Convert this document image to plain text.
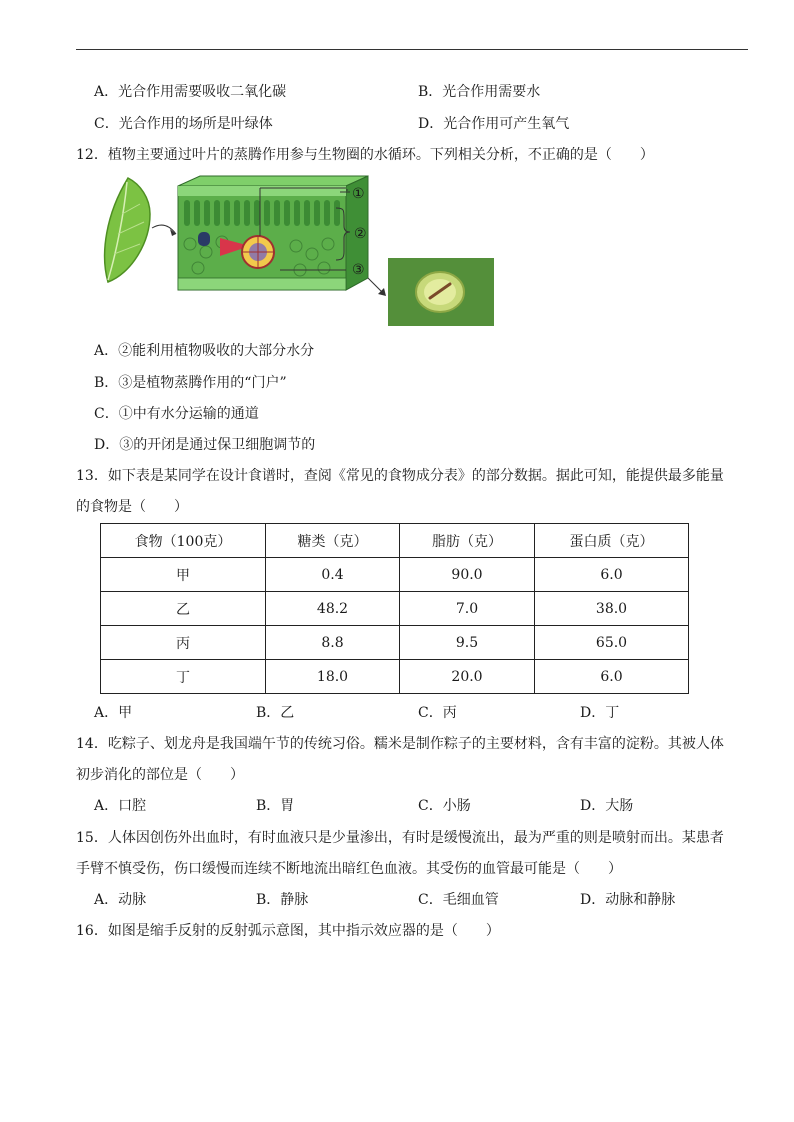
A．光合作用需要吸收二氧化碳	B．光合作用需要水
C．光合作用的场所是叶绿体	D．光合作用可产生氧气
12．植物主要通过叶片的蒸腾作用参与生物圈的水循环。下列相关分析，不正确的是（　　）
①
②
③
A．②能利用植物吸收的大部分水分
B．③是植物蒸腾作用的“门户”
C．①中有水分运输的通道
D．③的开闭是通过保卫细胞调节的
13．如下表是某同学在设计食谱时，查阅《常见的食物成分表》的部分数据。据此可知，能提供最多能量
的食物是（　　）
食物（100克）	糖类（克）	脂肪（克）	蛋白质（克）
甲	0.4	90.0	6.0
乙	48.2	7.0	38.0
丙	8.8	9.5	65.0
丁	18.0	20.0	6.0
A．甲	B．乙	C．丙	D．丁
14．吃粽子、划龙舟是我国端午节的传统习俗。糯米是制作粽子的主要材料，含有丰富的淀粉。其被人体
初步消化的部位是（　　）
A．口腔	B．胃	C．小肠	D．大肠
15．人体因创伤外出血时，有时血液只是少量渗出，有时是缓慢流出，最为严重的则是喷射而出。某患者
手臂不慎受伤，伤口缓慢而连续不断地流出暗红色血液。其受伤的血管最可能是（　　）
A．动脉	B．静脉	C．毛细血管	D．动脉和静脉
16．如图是缩手反射的反射弧示意图，其中指示效应器的是（　　）
